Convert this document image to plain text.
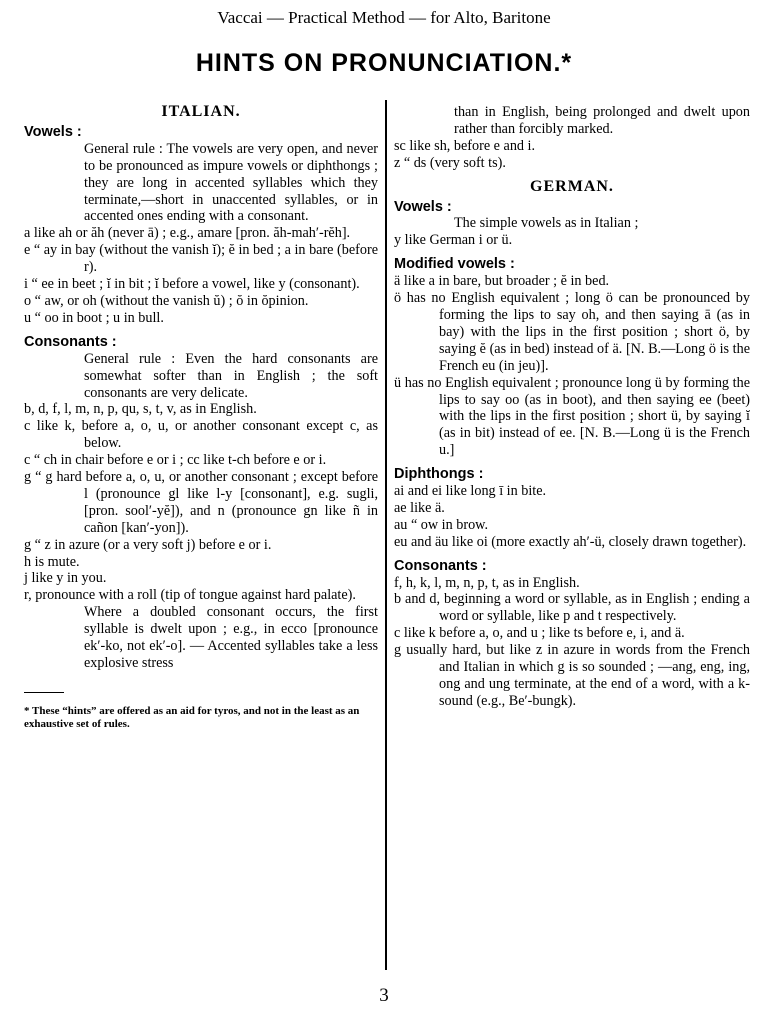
Vaccai — Practical Method — for Alto, Baritone
HINTS ON PRONUNCIATION.*
ITALIAN.
Vowels :

General rule : The vowels are very open, and never to be pronounced as impure vowels or diphthongs ; they are long in accented syllables which they terminate,—short in unaccented syllables, or in accented ones ending with a consonant.

a like ah or ăh (never ā) ; e.g., amare [pron. ăh-mah′-rĕh].

e “ ay in bay (without the vanish ĭ); ĕ in bed ; a in bare (before r).

i “ ee in beet ; ĭ in bit ; ĭ before a vowel, like y (consonant).

o “ aw, or oh (without the vanish ŭ) ; ŏ in ŏpinion.

u “ oo in boot ; u in bull.

Consonants :

General rule : Even the hard consonants are somewhat softer than in English ; the soft consonants are very delicate.

b, d, f, l, m, n, p, qu, s, t, v, as in English.

c like k, before a, o, u, or another consonant except c, as below.

c “ ch in chair before e or i ; cc like t-ch before e or i.

g “ g hard before a, o, u, or another consonant ; except before l (pronounce gl like l-y [consonant], e.g. sugli, [pron. sool′-yĕ]), and n (pronounce gn like ñ in cañon [kan′-yon]).

g “ z in azure (or a very soft j) before e or i.

h is mute.

j like y in you.

r, pronounce with a roll (tip of tongue against hard palate).

Where a doubled consonant occurs, the first syllable is dwelt upon ; e.g., in ecco [pronounce ek′-ko, not ek′-o]. — Accented syllables take a less explosive stress

* These “hints” are offered as an aid for tyros, and not in the least as an exhaustive set of rules.

than in English, being prolonged and dwelt upon rather than forcibly marked.

sc like sh, before e and i.

z “ ds (very soft ts).

GERMAN.
Vowels :

The simple vowels as in Italian ;

y like German i or ü.

Modified vowels :

ä like a in bare, but broader ; ĕ in bed.

ö has no English equivalent ; long ö can be pronounced by forming the lips to say oh, and then saying ā (as in bay) with the lips in the first position ; short ö, by saying ĕ (as in bed) instead of ä. [N. B.—Long ö is the French eu (in jeu)].

ü has no English equivalent ; pronounce long ü by forming the lips to say oo (as in boot), and then saying ee (beet) with the lips in the first position ; short ü, by saying ĭ (as in bit) instead of ee. [N. B.—Long ü is the French u.]

Diphthongs :

ai and ei like long ī in bite.

ae like ä.

au “ ow in brow.

eu and äu like oi (more exactly ah′-ü, closely drawn together).

Consonants :

f, h, k, l, m, n, p, t, as in English.

b and d, beginning a word or syllable, as in English ; ending a word or syllable, like p and t respectively.

c like k before a, o, and u ; like ts before e, i, and ä.

g usually hard, but like z in azure in words from the French and Italian in which g is so sounded ; —ang, eng, ing, ong and ung terminate, at the end of a word, with a k-sound (e.g., Be′-bungk).

3
